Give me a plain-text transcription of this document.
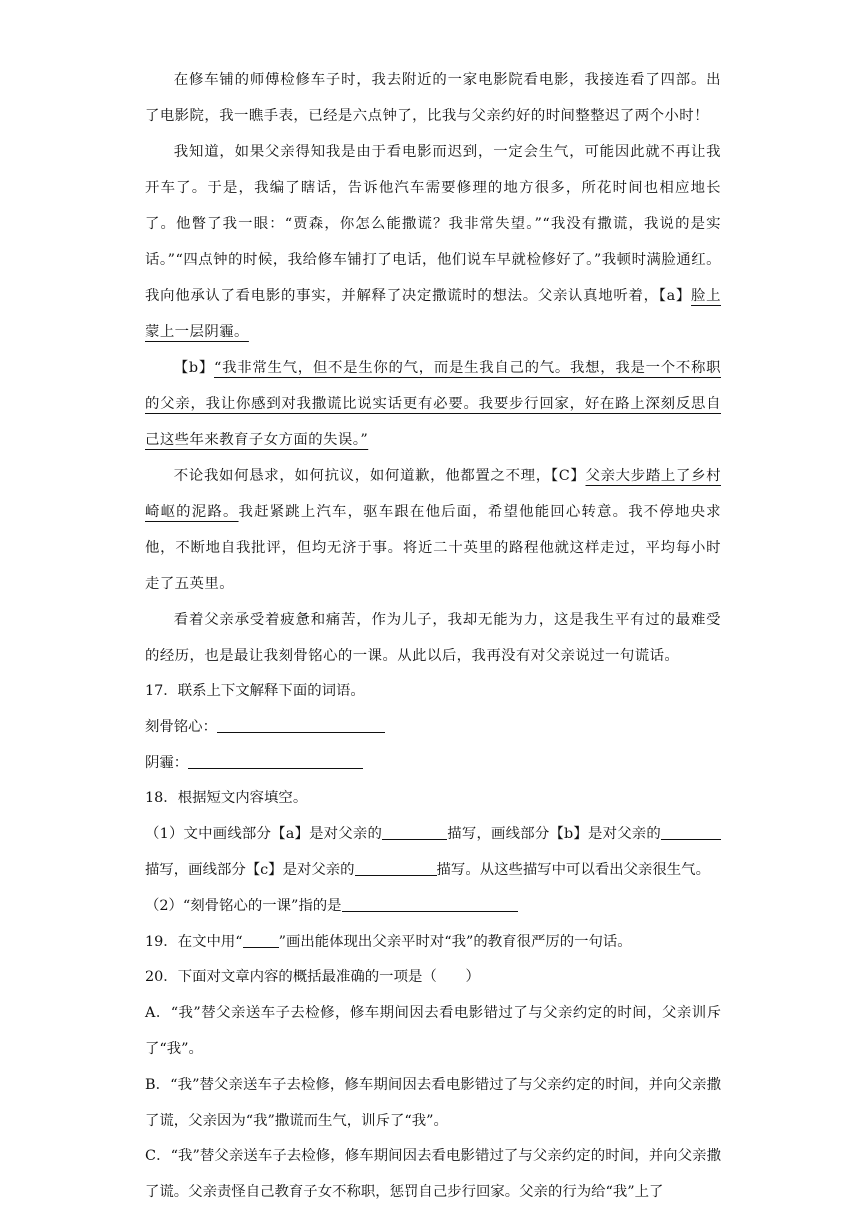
在修车铺的师傅检修车子时，我去附近的一家电影院看电影，我接连看了四部。出了电影院，我一瞧手表，已经是六点钟了，比我与父亲约好的时间整整迟了两个小时！

我知道，如果父亲得知我是由于看电影而迟到，一定会生气，可能因此就不再让我开车了。于是，我编了瞎话，告诉他汽车需要修理的地方很多，所花时间也相应地长了。他瞥了我一眼：“贾森，你怎么能撒谎？我非常失望。”“我没有撒谎，我说的是实话。”“四点钟的时候，我给修车铺打了电话，他们说车早就检修好了。”我顿时满脸通红。我向他承认了看电影的事实，并解释了决定撒谎时的想法。父亲认真地听着，【a】脸上蒙上一层阴霾。

【b】“我非常生气，但不是生你的气，而是生我自己的气。我想，我是一个不称职的父亲，我让你感到对我撒谎比说实话更有必要。我要步行回家，好在路上深刻反思自己这些年来教育子女方面的失误。”

不论我如何恳求，如何抗议，如何道歉，他都置之不理，【C】父亲大步踏上了乡村崎岖的泥路。我赶紧跳上汽车，驱车跟在他后面，希望他能回心转意。我不停地央求他，不断地自我批评，但均无济于事。将近二十英里的路程他就这样走过，平均每小时走了五英里。

看着父亲承受着疲惫和痛苦，作为儿子，我却无能为力，这是我生平有过的最难受的经历，也是最让我刻骨铭心的一课。从此以后，我再没有对父亲说过一句谎话。

17．联系上下文解释下面的词语。

刻骨铭心：

阴霾：

18．根据短文内容填空。

（1）文中画线部分【a】是对父亲的	描写，画线部分【b】是对父亲的描写，画线部分【c】是对父亲的	描写。从这些描写中可以看出父亲很生气。

（2）“刻骨铭心的一课”指的是

19．在文中用“	”画出能体现出父亲平时对“我”的教育很严厉的一句话。

20．下面对文章内容的概括最准确的一项是（　　）

A．“我”替父亲送车子去检修，修车期间因去看电影错过了与父亲约定的时间，父亲训斥了“我”。

B．“我”替父亲送车子去检修，修车期间因去看电影错过了与父亲约定的时间，并向父亲撒了谎，父亲因为“我”撒谎而生气，训斥了“我”。

C．“我”替父亲送车子去检修，修车期间因去看电影错过了与父亲约定的时间，并向父亲撒了谎。父亲责怪自己教育子女不称职，惩罚自己步行回家。父亲的行为给“我”上了
